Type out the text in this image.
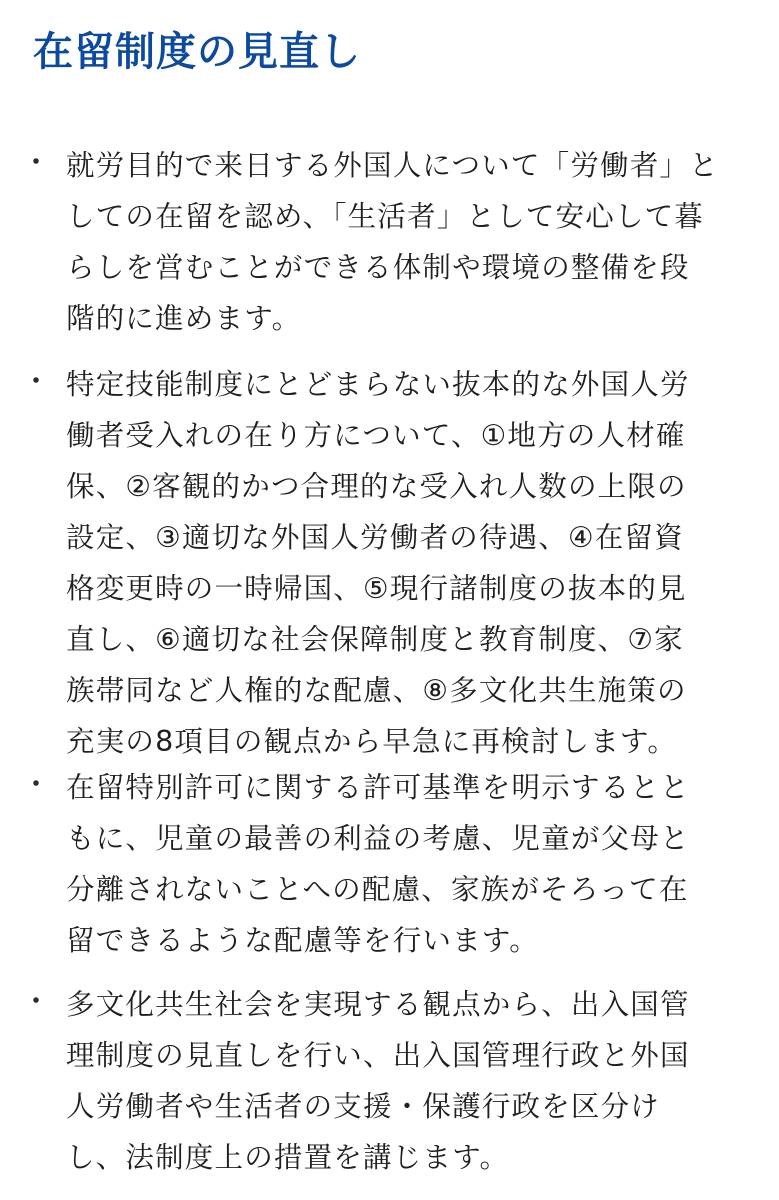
在留制度の見直し
就労目的で来日する外国人について「労働者」と
しての在留を認め、「生活者」として安心して暮
らしを営むことができる体制や環境の整備を段
階的に進めます。
特定技能制度にとどまらない抜本的な外国人労
働者受入れの在り方について、①地方の人材確
保、②客観的かつ合理的な受入れ人数の上限の
設定、③適切な外国人労働者の待遇、④在留資
格変更時の一時帰国、⑤現行諸制度の抜本的見
直し、⑥適切な社会保障制度と教育制度、⑦家
族帯同など人権的な配慮、⑧多文化共生施策の
充実の8項目の観点から早急に再検討します。
在留特別許可に関する許可基準を明示するとと
もに、児童の最善の利益の考慮、児童が父母と
分離されないことへの配慮、家族がそろって在
留できるような配慮等を行います。
多文化共生社会を実現する観点から、出入国管
理制度の見直しを行い、出入国管理行政と外国
人労働者や生活者の支援・保護行政を区分け
し、法制度上の措置を講じます。
